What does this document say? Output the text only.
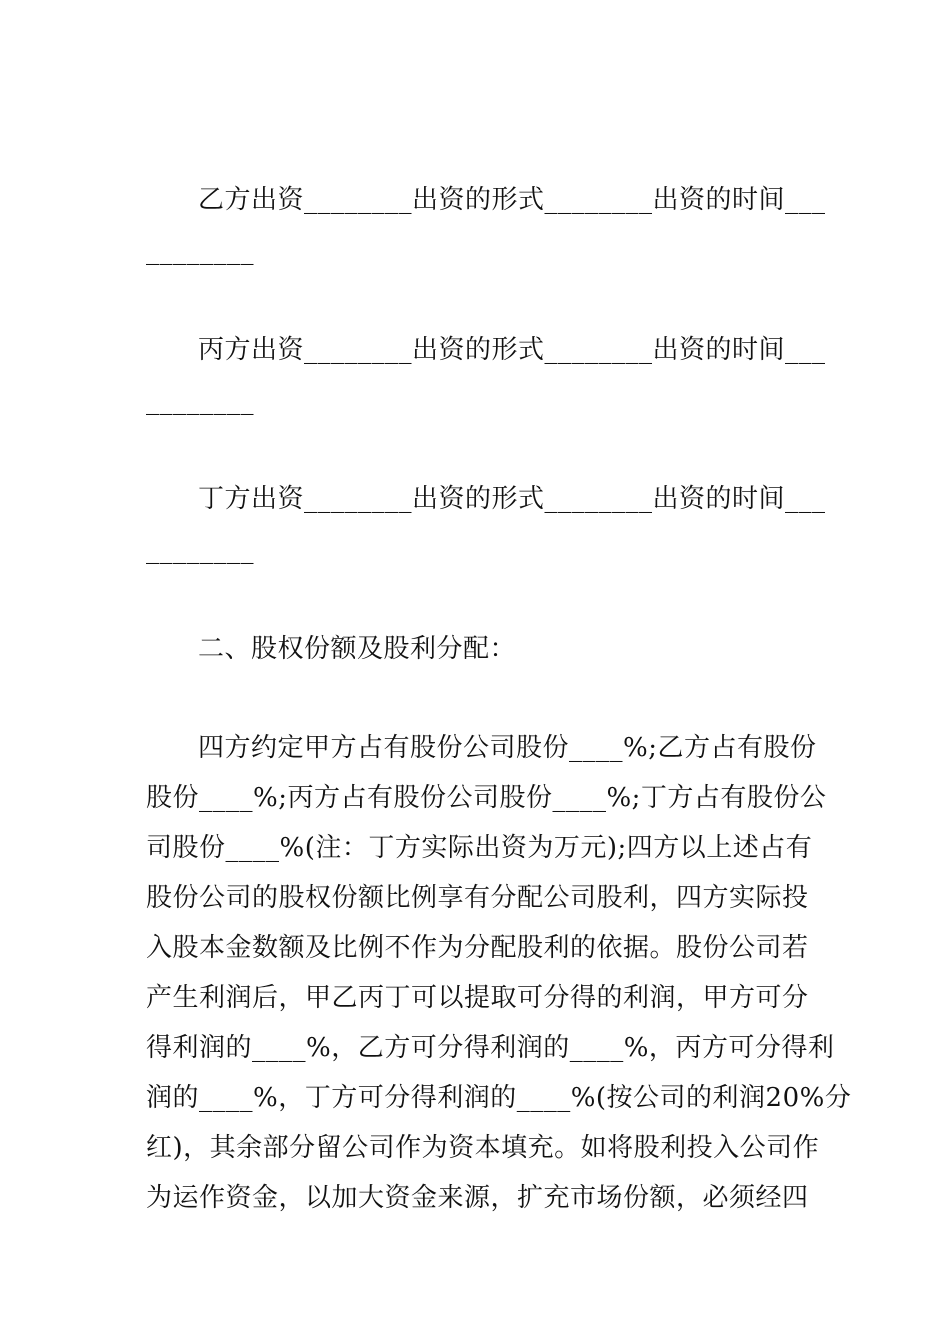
乙方出资________出资的形式________出资的时间___
________
丙方出资________出资的形式________出资的时间___
________
丁方出资________出资的形式________出资的时间___
________
二、股权份额及股利分配：
四方约定甲方占有股份公司股份____%;乙方占有股份
股份____%;丙方占有股份公司股份____%;丁方占有股份公
司股份____%(注：丁方实际出资为万元);四方以上述占有
股份公司的股权份额比例享有分配公司股利，四方实际投
入股本金数额及比例不作为分配股利的依据。股份公司若
产生利润后，甲乙丙丁可以提取可分得的利润，甲方可分
得利润的____%，乙方可分得利润的____%，丙方可分得利
润的____%，丁方可分得利润的____%(按公司的利润20%分
红)，其余部分留公司作为资本填充。如将股利投入公司作
为运作资金，以加大资金来源，扩充市场份额，必须经四
